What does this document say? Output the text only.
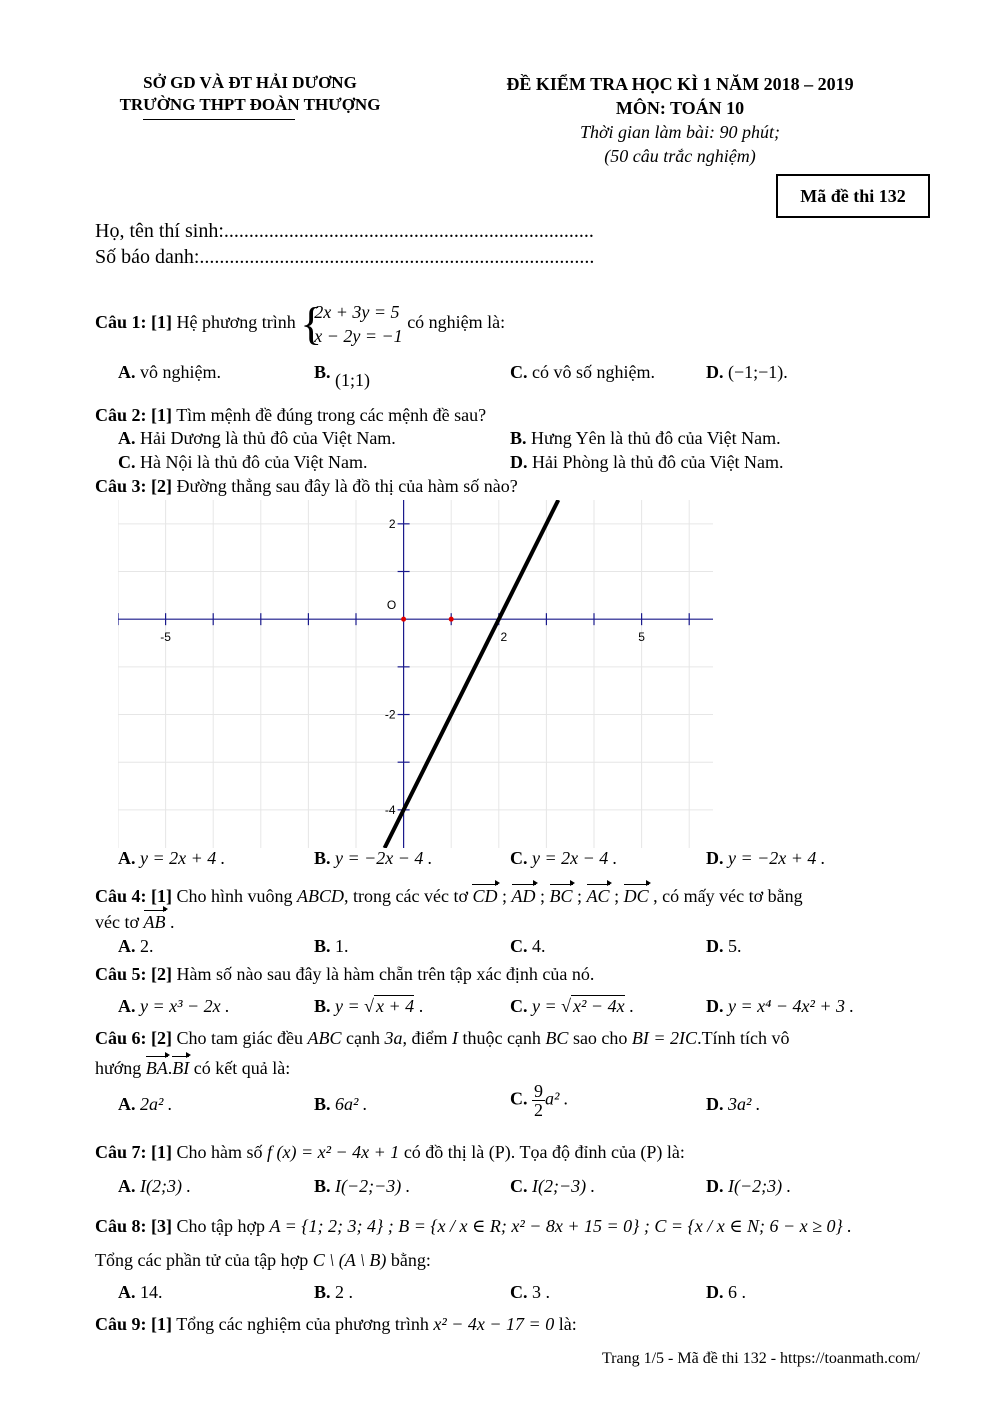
SỞ GD VÀ ĐT HẢI DƯƠNG
TRƯỜNG THPT ĐOÀN THƯỢNG
ĐỀ KIỂM TRA HỌC KÌ 1 NĂM 2018 – 2019
MÔN: TOÁN 10
Thời gian làm bài: 90 phút;
(50 câu trắc nghiệm)
Mã đề thi 132
Họ, tên thí sinh:..........................................................................
Số báo danh:...............................................................................
Câu 1: [1] Hệ phương trình {
2x + 3y = 5
x − 2y = −1
có nghiệm là:
A. vô nghiệm.	B. (1;1)	C. có vô số nghiệm.	D. (−1;−1).
Câu 2: [1] Tìm mệnh đề đúng trong các mệnh đề sau?
A. Hải Dương là thủ đô của Việt Nam.	B. Hưng Yên là thủ đô của Việt Nam.
C. Hà Nội là thủ đô của Việt Nam.	D. Hải Phòng là thủ đô của Việt Nam.
Câu 3: [2] Đường thẳng sau đây là đồ thị của hàm số nào?
-5	2	5
2
-2
-4
O
A. y = 2x + 4 .	B. y = −2x − 4 .	C. y = 2x − 4 .	D. y = −2x + 4 .
Câu 4: [1] Cho hình vuông ABCD, trong các véc tơ CD ; AD ; BC ; AC ; DC , có mấy véc tơ bằng
véc tơ AB .
A. 2.	B. 1.	C. 4.	D. 5.
Câu 5: [2] Hàm số nào sau đây là hàm chẵn trên tập xác định của nó.
A. y = x³ − 2x .	B. y = √ x + 4 .	C. y = √ x² − 4x .	D. y = x⁴ − 4x² + 3 .
Câu 6: [2] Cho tam giác đều ABC cạnh 3a, điểm I thuộc cạnh BC sao cho BI = 2IC.Tính tích vô
hướng BA.BI có kết quả là:
A. 2a² .	B. 6a² .	C. $\frac{9}{2} a^2$ .	D. 3a² .
Câu 7: [1] Cho hàm số f (x) = x² − 4x + 1 có đồ thị là (P). Tọa độ đỉnh của (P) là:
A. I(2;3) .	B. I(−2;−3) .	C. I(2;−3) .	D. I(−2;3) .
Câu 8: [3] Cho tập hợp A = {1; 2; 3; 4} ; B = {x / x ∈ R; x² − 8x + 15 = 0} ; C = {x / x ∈ N; 6 − x ≥ 0} .
Tổng các phần tử của tập hợp C \ (A \ B) bằng:
A. 14.	B. 2 .	C. 3 .	D. 6 .
Câu 9: [1] Tổng các nghiệm của phương trình x² − 4x − 17 = 0 là:
Trang 1/5 - Mã đề thi 132 - https://toanmath.com/
